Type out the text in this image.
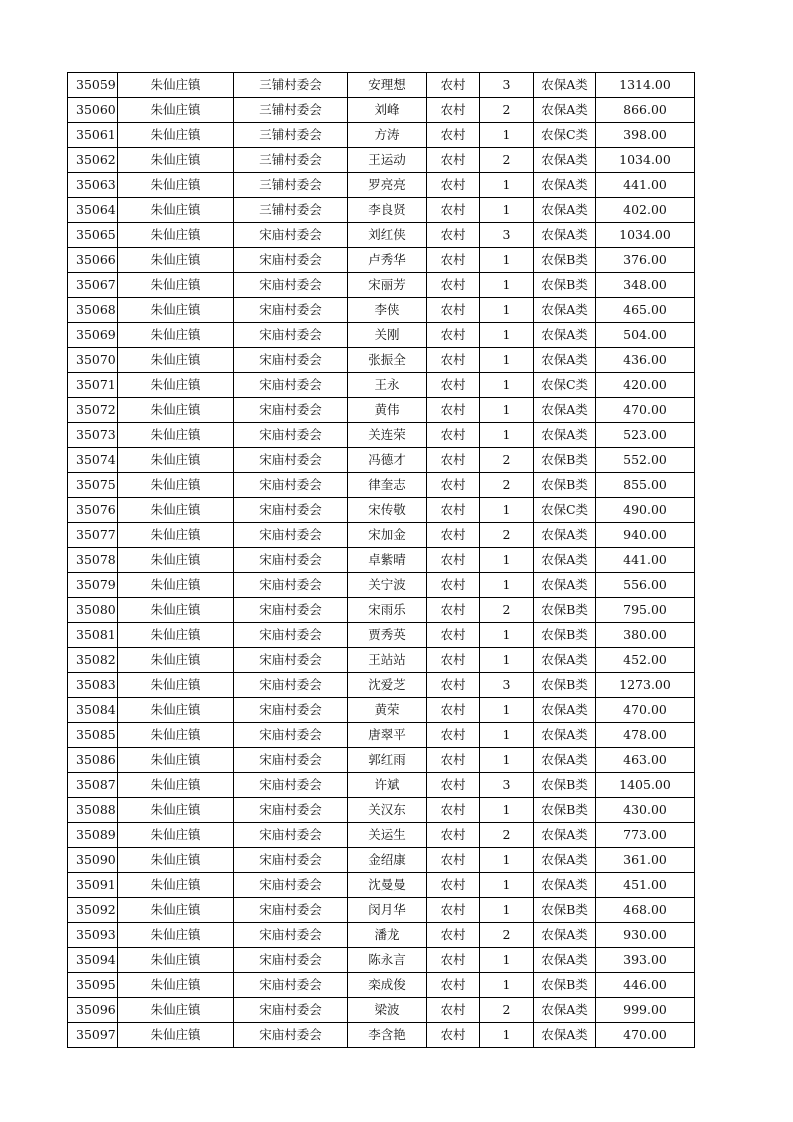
35059	朱仙庄镇	三铺村委会	安理想	农村	3	农保A类	1314.00
35060	朱仙庄镇	三铺村委会	刘峰	农村	2	农保A类	866.00
35061	朱仙庄镇	三铺村委会	方涛	农村	1	农保C类	398.00
35062	朱仙庄镇	三铺村委会	王运动	农村	2	农保A类	1034.00
35063	朱仙庄镇	三铺村委会	罗亮亮	农村	1	农保A类	441.00
35064	朱仙庄镇	三铺村委会	李良贤	农村	1	农保A类	402.00
35065	朱仙庄镇	宋庙村委会	刘红侠	农村	3	农保A类	1034.00
35066	朱仙庄镇	宋庙村委会	卢秀华	农村	1	农保B类	376.00
35067	朱仙庄镇	宋庙村委会	宋丽芳	农村	1	农保B类	348.00
35068	朱仙庄镇	宋庙村委会	李侠	农村	1	农保A类	465.00
35069	朱仙庄镇	宋庙村委会	关刚	农村	1	农保A类	504.00
35070	朱仙庄镇	宋庙村委会	张振全	农村	1	农保A类	436.00
35071	朱仙庄镇	宋庙村委会	王永	农村	1	农保C类	420.00
35072	朱仙庄镇	宋庙村委会	黄伟	农村	1	农保A类	470.00
35073	朱仙庄镇	宋庙村委会	关连荣	农村	1	农保A类	523.00
35074	朱仙庄镇	宋庙村委会	冯德才	农村	2	农保B类	552.00
35075	朱仙庄镇	宋庙村委会	律奎志	农村	2	农保B类	855.00
35076	朱仙庄镇	宋庙村委会	宋传敬	农村	1	农保C类	490.00
35077	朱仙庄镇	宋庙村委会	宋加金	农村	2	农保A类	940.00
35078	朱仙庄镇	宋庙村委会	卓紫晴	农村	1	农保A类	441.00
35079	朱仙庄镇	宋庙村委会	关宁波	农村	1	农保A类	556.00
35080	朱仙庄镇	宋庙村委会	宋雨乐	农村	2	农保B类	795.00
35081	朱仙庄镇	宋庙村委会	贾秀英	农村	1	农保B类	380.00
35082	朱仙庄镇	宋庙村委会	王站站	农村	1	农保A类	452.00
35083	朱仙庄镇	宋庙村委会	沈爱芝	农村	3	农保B类	1273.00
35084	朱仙庄镇	宋庙村委会	黄荣	农村	1	农保A类	470.00
35085	朱仙庄镇	宋庙村委会	唐翠平	农村	1	农保A类	478.00
35086	朱仙庄镇	宋庙村委会	郭红雨	农村	1	农保A类	463.00
35087	朱仙庄镇	宋庙村委会	许斌	农村	3	农保B类	1405.00
35088	朱仙庄镇	宋庙村委会	关汉东	农村	1	农保B类	430.00
35089	朱仙庄镇	宋庙村委会	关运生	农村	2	农保A类	773.00
35090	朱仙庄镇	宋庙村委会	金绍康	农村	1	农保A类	361.00
35091	朱仙庄镇	宋庙村委会	沈曼曼	农村	1	农保A类	451.00
35092	朱仙庄镇	宋庙村委会	闵月华	农村	1	农保B类	468.00
35093	朱仙庄镇	宋庙村委会	潘龙	农村	2	农保A类	930.00
35094	朱仙庄镇	宋庙村委会	陈永言	农村	1	农保A类	393.00
35095	朱仙庄镇	宋庙村委会	栾成俊	农村	1	农保B类	446.00
35096	朱仙庄镇	宋庙村委会	梁波	农村	2	农保A类	999.00
35097	朱仙庄镇	宋庙村委会	李含艳	农村	1	农保A类	470.00
